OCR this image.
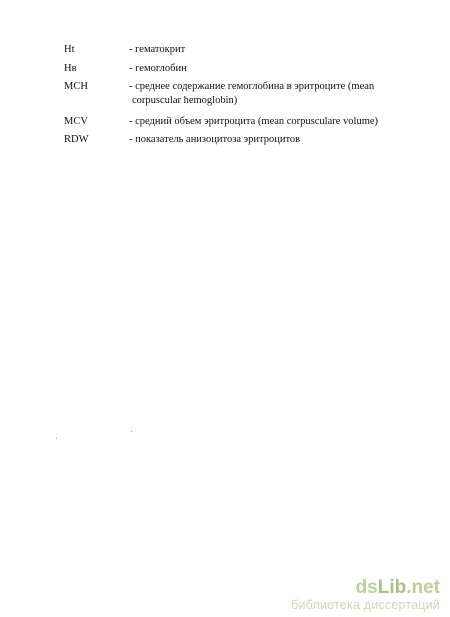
Ht	- гематокрит
Нв	- гемоглобин
MCH	- среднее содержание гемоглобина в эритроците (mean
corpuscular hemoglobin)
MCV	- средний объем эритроцита (mean corpusculare volume)
RDW	- показатель анизоцитоза эритроцитов
dsLib.net
библиотека диссертаций
